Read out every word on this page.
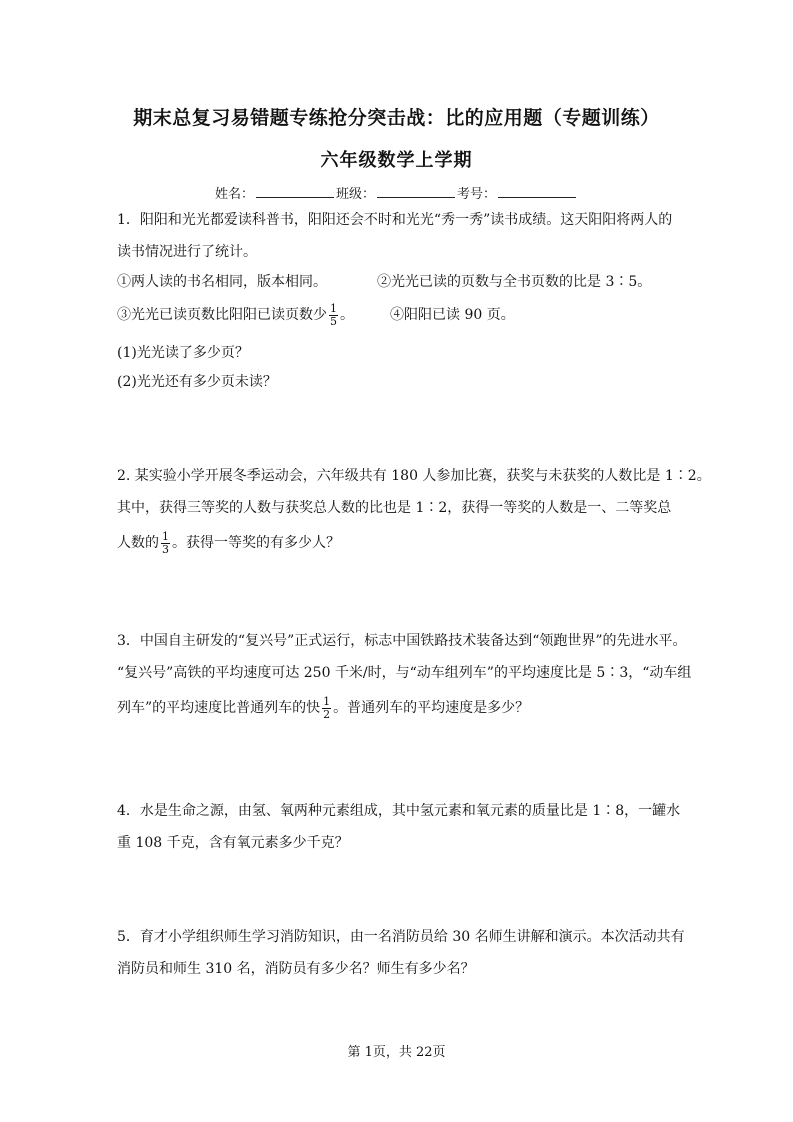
期末总复习易错题专练抢分突击战：比的应用题（专题训练）
六年级数学上学期
姓名：	班级：	考号：
1．阳阳和光光都爱读科普书，阳阳还会不时和光光“秀一秀”读书成绩。这天阳阳将两人的
读书情况进行了统计。
①两人读的书名相同，版本相同。	②光光已读的页数与全书页数的比是 3∶5。
③光光已读页数比阳阳已读页数少 $\frac{1}{5}$ 。	④阳阳已读 90 页。
(1)光光读了多少页？
(2)光光还有多少页未读？
2. 某实验小学开展冬季运动会，六年级共有 180 人参加比赛，获奖与未获奖的人数比是 1∶2。
其中，获得三等奖的人数与获奖总人数的比也是 1∶2，获得一等奖的人数是一、二等奖总
人数的 $\frac{1}{3}$ 。获得一等奖的有多少人？
3．中国自主研发的“复兴号”正式运行，标志中国铁路技术装备达到“领跑世界”的先进水平。
“复兴号”高铁的平均速度可达 250 千米/时，与“动车组列车”的平均速度比是 5∶3，“动车组
列车”的平均速度比普通列车的快 $\frac{1}{2}$ 。普通列车的平均速度是多少？
4．水是生命之源，由氢、氧两种元素组成，其中氢元素和氧元素的质量比是 1∶8，一罐水
重 108 千克，含有氧元素多少千克？
5．育才小学组织师生学习消防知识，由一名消防员给 30 名师生讲解和演示。本次活动共有
消防员和师生 310 名，消防员有多少名？师生有多少名？
第 1页，共 22页
